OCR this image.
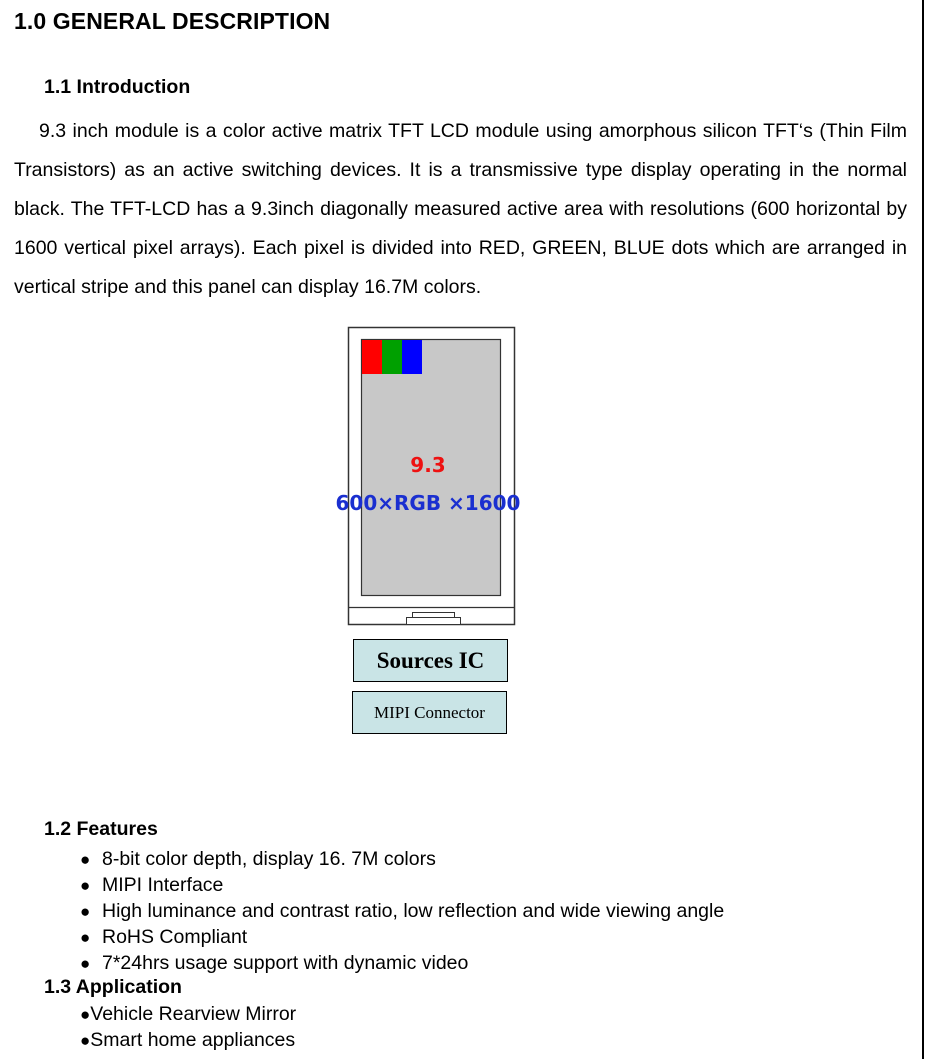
1.0 GENERAL DESCRIPTION
1.1 Introduction

9.3 inch module is a color active matrix TFT LCD module using amorphous silicon TFT‘s (Thin Film Transistors) as an active switching devices. It is a transmissive type display operating in the normal black. The TFT-LCD has a 9.3inch diagonally measured active area with resolutions (600 horizontal by 1600 vertical pixel arrays). Each pixel is divided into RED, GREEN, BLUE dots which are arranged in vertical stripe and this panel can display 16.7M colors.

9.3
600×RGB ×1600
Sources IC
MIPI Connector
1.2 Features
● 8-bit color depth, display 16. 7M colors
● MIPI Interface
● High luminance and contrast ratio, low reflection and wide viewing angle
● RoHS Compliant
● 7*24hrs usage support with dynamic video
1.3 Application
●Vehicle Rearview Mirror
●Smart home appliances
